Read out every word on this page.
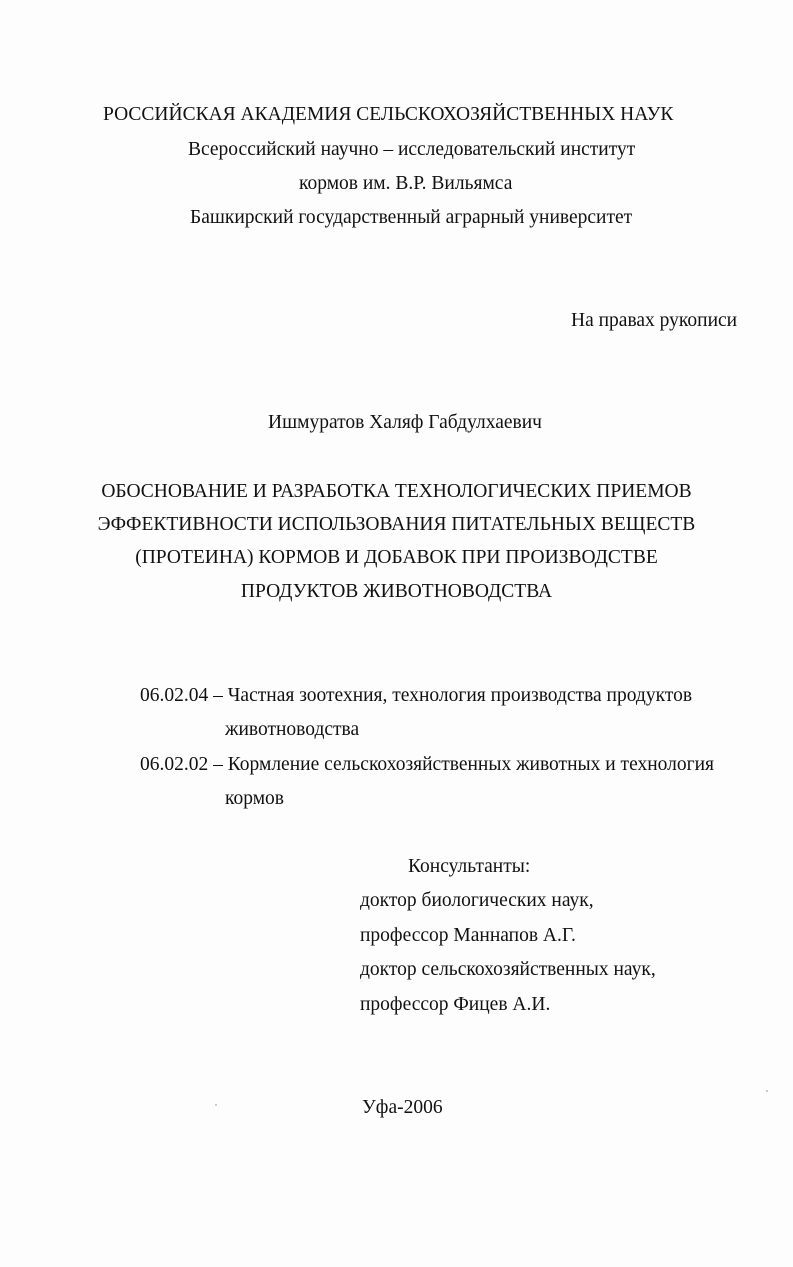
РОССИЙСКАЯ АКАДЕМИЯ СЕЛЬСКОХОЗЯЙСТВЕННЫХ НАУК
Всероссийский научно – исследовательский институт
кормов им. В.Р. Вильямса
Башкирский государственный аграрный университет
На правах рукописи
Ишмуратов Халяф Габдулхаевич
ОБОСНОВАНИЕ И РАЗРАБОТКА ТЕХНОЛОГИЧЕСКИХ ПРИЕМОВ
ЭФФЕКТИВНОСТИ ИСПОЛЬЗОВАНИЯ ПИТАТЕЛЬНЫХ ВЕЩЕСТВ
(ПРОТЕИНА) КОРМОВ И ДОБАВОК ПРИ ПРОИЗВОДСТВЕ
ПРОДУКТОВ ЖИВОТНОВОДСТВА
06.02.04 – Частная зоотехния, технология производства продуктов
животноводства
06.02.02 – Кормление сельскохозяйственных животных и технология
кормов
Консультанты:
доктор биологических наук,
профессор Маннапов А.Г.
доктор сельскохозяйственных наук,
профессор Фицев А.И.
Уфа-2006
